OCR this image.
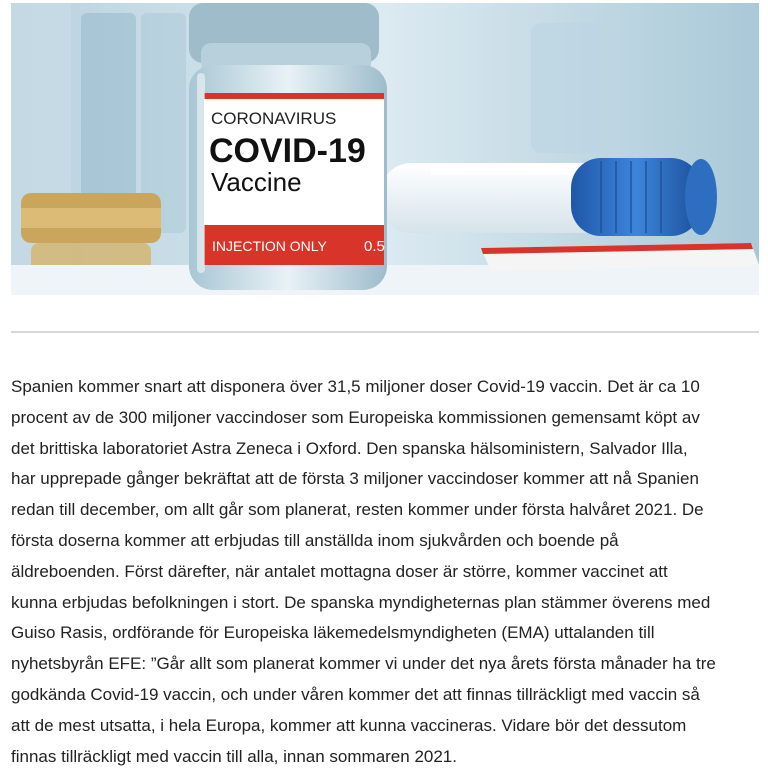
CORONAVIRUS
COVID-19
Vaccine
INJECTION ONLY 0.5
Spanien kommer snart att disponera över 31,5 miljoner doser Covid-19 vaccin. Det är ca 10
procent av de 300 miljoner vaccindoser som Europeiska kommissionen gemensamt köpt av
det brittiska laboratoriet Astra Zeneca i Oxford. Den spanska hälsoministern, Salvador Illa,
har upprepade gånger bekräftat att de första 3 miljoner vaccindoser kommer att nå Spanien
redan till december, om allt går som planerat, resten kommer under första halvåret 2021. De
första doserna kommer att erbjudas till anställda inom sjukvården och boende på
äldreboenden. Först därefter, när antalet mottagna doser är större, kommer vaccinet att
kunna erbjudas befolkningen i stort. De spanska myndigheternas plan stämmer överens med
Guiso Rasis, ordförande för Europeiska läkemedelsmyndigheten (EMA) uttalanden till
nyhetsbyrån EFE: ”Går allt som planerat kommer vi under det nya årets första månader ha tre
godkända Covid-19 vaccin, och under våren kommer det att finnas tillräckligt med vaccin så
att de mest utsatta, i hela Europa, kommer att kunna vaccineras. Vidare bör det dessutom
finnas tillräckligt med vaccin till alla, innan sommaren 2021.
